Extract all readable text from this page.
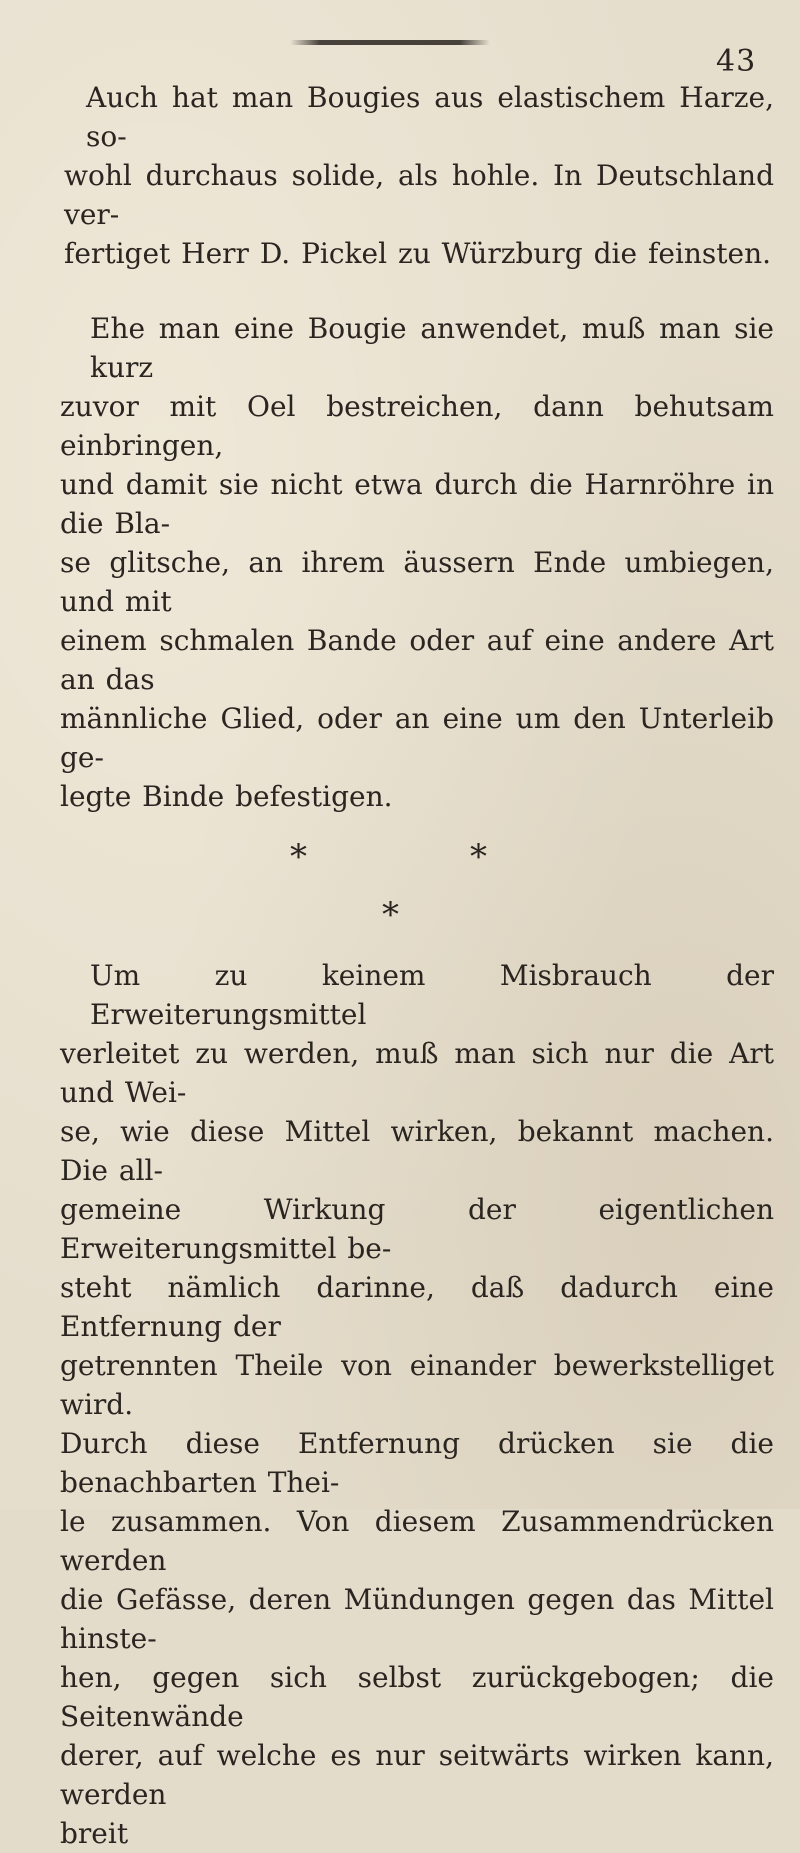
43
Auch hat man Bougies aus elastischem Harze, so-
wohl durchaus solide, als hohle. In Deutschland ver-
fertiget Herr D. Pickel zu Würzburg die feinsten.
Ehe man eine Bougie anwendet, muß man sie kurz
zuvor mit Oel bestreichen, dann behutsam einbringen,
und damit sie nicht etwa durch die Harnröhre in die Bla-
se glitsche, an ihrem äussern Ende umbiegen, und mit
einem schmalen Bande oder auf eine andere Art an das
männliche Glied, oder an eine um den Unterleib ge-
legte Binde befestigen.
*	*
*
Um zu keinem Misbrauch der Erweiterungsmittel
verleitet zu werden, muß man sich nur die Art und Wei-
se, wie diese Mittel wirken, bekannt machen. Die all-
gemeine Wirkung der eigentlichen Erweiterungsmittel be-
steht nämlich darinne, daß dadurch eine Entfernung der
getrennten Theile von einander bewerkstelliget wird.
Durch diese Entfernung drücken sie die benachbarten Thei-
le zusammen. Von diesem Zusammendrücken werden
die Gefässe, deren Mündungen gegen das Mittel hinste-
hen, gegen sich selbst zurückgebogen; die Seitenwände
derer, auf welche es nur seitwärts wirken kann, werden
breit
